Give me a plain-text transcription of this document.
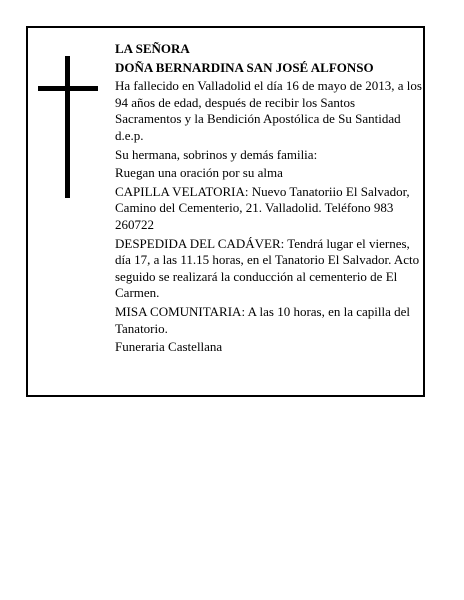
LA SEÑORA

DOÑA BERNARDINA SAN JOSÉ ALFONSO

Ha fallecido en Valladolid el día 16 de mayo de 2013, a los 94 años de edad, después de recibir los Santos Sacramentos y la Bendición Apostólica de Su Santidad d.e.p.

Su hermana, sobrinos y demás familia:

Ruegan una oración por su alma

CAPILLA VELATORIA: Nuevo Tanatoriio El Salvador, Camino del Cementerio, 21. Valladolid. Teléfono 983 260722

DESPEDIDA DEL CADÁVER: Tendrá lugar el viernes, día 17, a las 11.15 horas, en el Tanatorio El Salvador. Acto seguido se realizará la conducción al cementerio de El Carmen.

MISA COMUNITARIA: A las 10 horas, en la capilla del Tanatorio.

Funeraria Castellana
